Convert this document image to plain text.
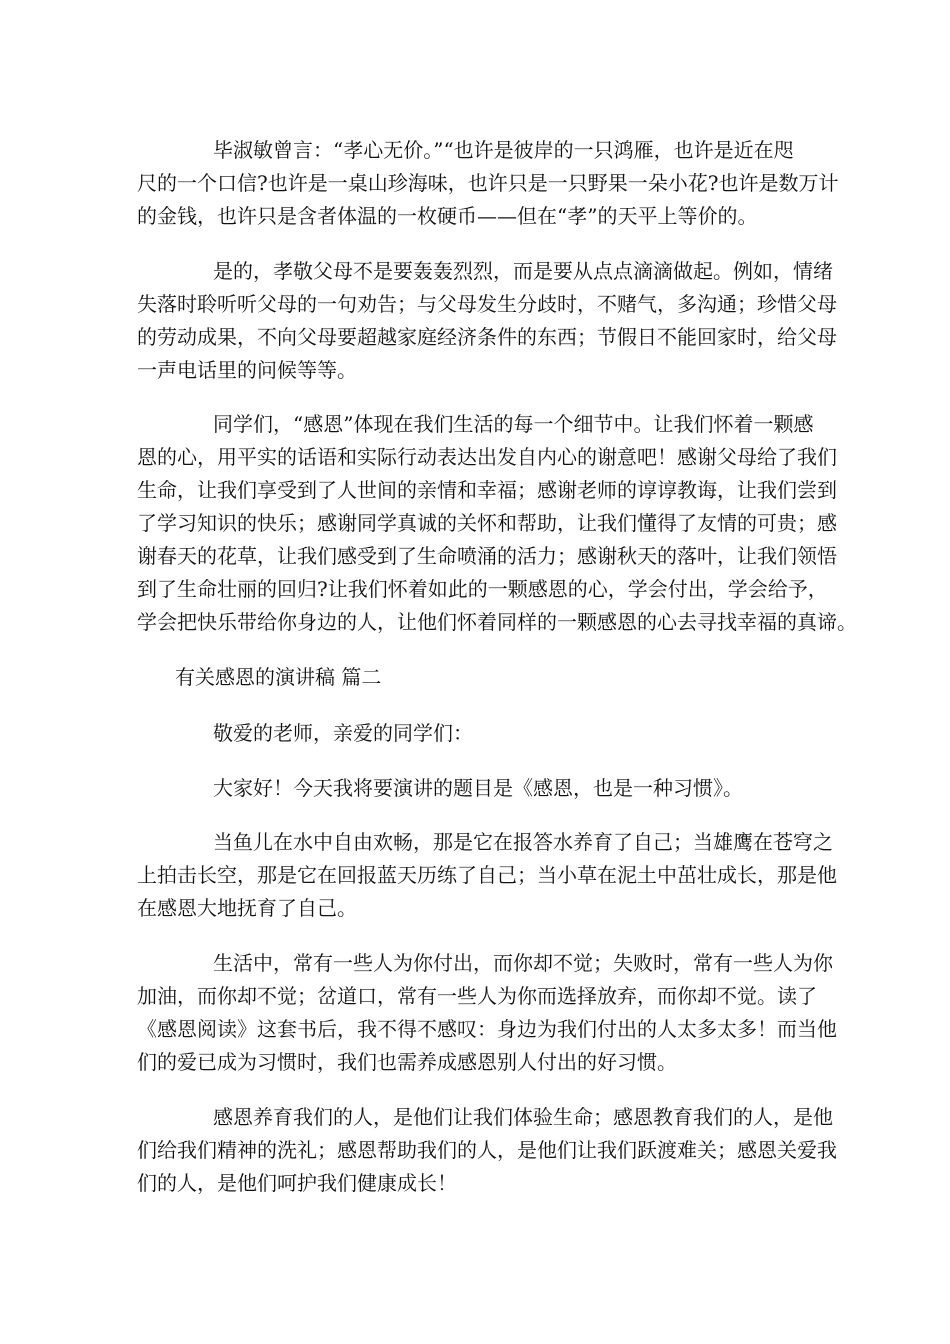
毕淑敏曾言：“孝心无价。”“也许是彼岸的一只鸿雁，也许是近在咫
尺的一个口信?也许是一桌山珍海味，也许只是一只野果一朵小花?也许是数万计
的金钱，也许只是含者体温的一枚硬币——但在“孝”的天平上等价的。
是的，孝敬父母不是要轰轰烈烈，而是要从点点滴滴做起。例如，情绪
失落时聆听听父母的一句劝告；与父母发生分歧时，不赌气，多沟通；珍惜父母
的劳动成果，不向父母要超越家庭经济条件的东西；节假日不能回家时，给父母
一声电话里的问候等等。
同学们，“感恩”体现在我们生活的每一个细节中。让我们怀着一颗感
恩的心，用平实的话语和实际行动表达出发自内心的谢意吧！感谢父母给了我们
生命，让我们享受到了人世间的亲情和幸福；感谢老师的谆谆教诲，让我们尝到
了学习知识的快乐；感谢同学真诚的关怀和帮助，让我们懂得了友情的可贵；感
谢春天的花草，让我们感受到了生命喷涌的活力；感谢秋天的落叶，让我们领悟
到了生命壮丽的回归?让我们怀着如此的一颗感恩的心，学会付出，学会给予，
学会把快乐带给你身边的人，让他们怀着同样的一颗感恩的心去寻找幸福的真谛。
有关感恩的演讲稿 篇二
敬爱的老师，亲爱的同学们：
大家好！今天我将要演讲的题目是《感恩，也是一种习惯》。
当鱼儿在水中自由欢畅，那是它在报答水养育了自己；当雄鹰在苍穹之
上拍击长空，那是它在回报蓝天历练了自己；当小草在泥土中茁壮成长，那是他
在感恩大地抚育了自己。
生活中，常有一些人为你付出，而你却不觉；失败时，常有一些人为你
加油，而你却不觉；岔道口，常有一些人为你而选择放弃，而你却不觉。读了
《感恩阅读》这套书后，我不得不感叹：身边为我们付出的人太多太多！而当他
们的爱已成为习惯时，我们也需养成感恩别人付出的好习惯。
感恩养育我们的人，是他们让我们体验生命；感恩教育我们的人，是他
们给我们精神的洗礼；感恩帮助我们的人，是他们让我们跃渡难关；感恩关爱我
们的人，是他们呵护我们健康成长！
